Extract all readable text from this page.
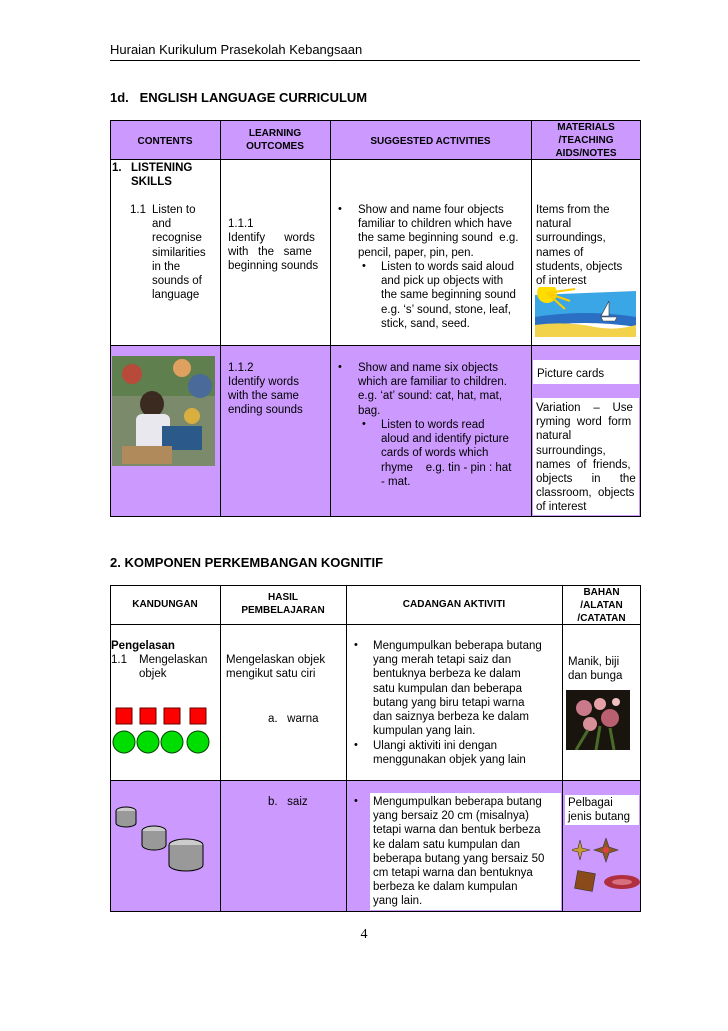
Huraian Kurikulum Prasekolah Kebangsaan
1d.   ENGLISH LANGUAGE CURRICULUM
CONTENTS
LEARNING
OUTCOMES	SUGGESTED ACTIVITIES
MATERIALS
/TEACHING
AIDS/NOTES
1. LISTENING
SKILLS
1.1 Listen to
and
recognise
similarities
in the
sounds of
language
1.1.1
Identify      words
with   the   same
beginning sounds
• Show and name four objects
familiar to children which have
the same beginning sound  e.g.
pencil, paper, pin, pen.
• Listen to words said aloud
and pick up objects with
the same beginning sound
e.g. ‘s’ sound, stone, leaf,
stick, sand, seed.
Items from the
natural
surroundings,
names of
students, objects
of interest
1.1.2
Identify words
with the same
ending sounds
• Show and name six objects
which are familiar to children.
e.g. ‘at’ sound: cat, hat, mat,
bag.
• Listen to words read
aloud and identify picture
cards of words which
rhyme    e.g. tin - pin : hat
- mat.
Picture cards
Variation    –    Use
ryming  word  form
natural
surroundings,
names  of  friends,
objects      in      the
classroom,  objects
of interest
2. KOMPONEN PERKEMBANGAN KOGNITIF
KANDUNGAN
HASIL
PEMBELAJARAN
CADANGAN AKTIVITI
BAHAN
/ALATAN
/CATATAN
Pengelasan
1.1 Mengelaskan
objek
Mengelaskan objek
mengikut satu ciri
a.   warna
• Mengumpulkan beberapa butang
yang merah tetapi saiz dan
bentuknya berbeza ke dalam
satu kumpulan dan beberapa
butang yang biru tetapi warna
dan saiznya berbeza ke dalam
kumpulan yang lain.
• Ulangi aktiviti ini dengan
menggunakan objek yang lain
Manik, biji
dan bunga
b.   saiz	• Mengumpulkan beberapa butang
yang bersaiz 20 cm (misalnya)
tetapi warna dan bentuk berbeza
ke dalam satu kumpulan dan
beberapa butang yang bersaiz 50
cm tetapi warna dan bentuknya
berbeza ke dalam kumpulan
yang lain.
Pelbagai
jenis butang
4
